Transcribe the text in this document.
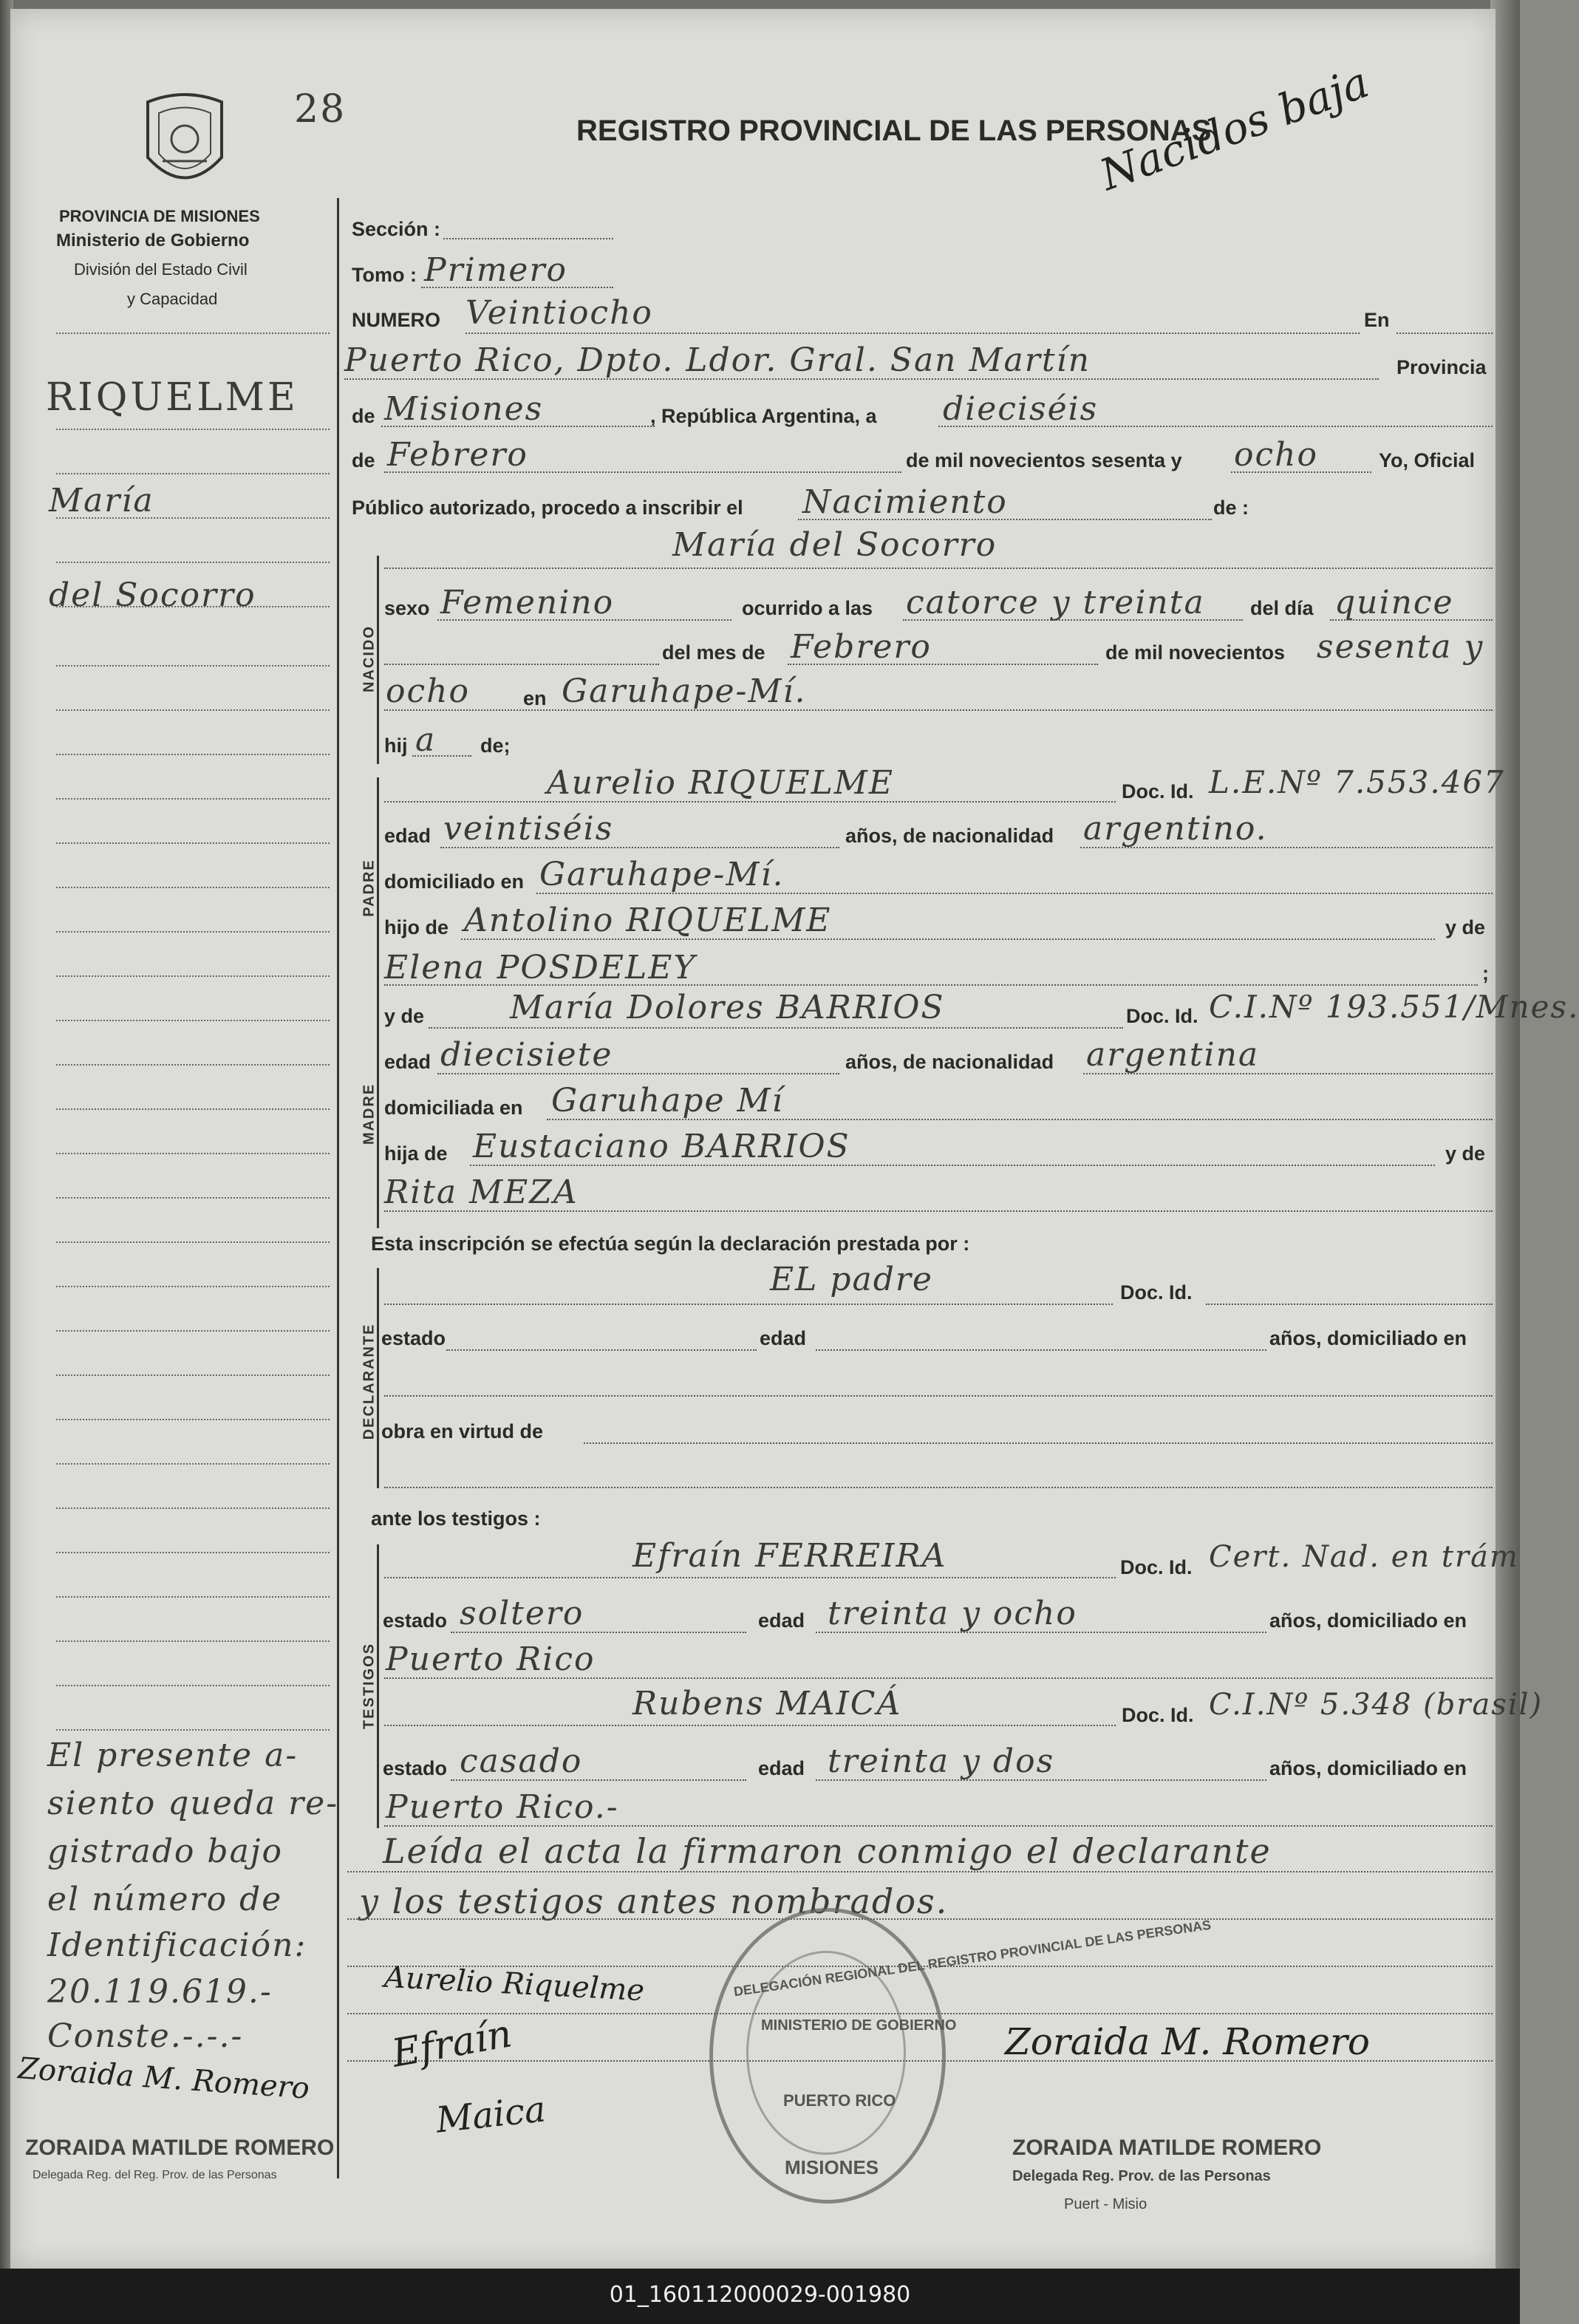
28	REGISTRO PROVINCIAL DE LAS PERSONAS
Nacidos baja
PROVINCIA DE MISIONES
Ministerio de Gobierno
División del Estado Civil
y Capacidad
RIQUELME
María
del Socorro
El presente a-
siento queda re-
gistrado bajo
el número de
Identificación:
20.119.619.-
Conste.-.-.-
Zoraida M. Romero
Sección :
Tomo : Primero
NUMERO Veintiocho	En
Puerto Rico, Dpto. Ldor. Gral. San Martín	Provincia
de Misiones	, República Argentina, a dieciséis
de Febrero	de mil novecientos sesenta y ocho	Yo, Oficial
Público autorizado, procedo a inscribir el Nacimiento	de :
NACIDO
María del Socorro
sexo Femenino	ocurrido a las catorce y treinta del día quince
del mes de Febrero	de mil novecientos sesenta y
ocho	en Garuhape-Mí.
hij a de;
PADRE
Aurelio RIQUELME	Doc. Id. L.E.Nº 7.553.467
edad veintiséis	años, de nacionalidad argentino.
domiciliado en Garuhape-Mí.
hijo de Antolino RIQUELME	y de
Elena POSDELEY	;
MADRE
y de	María Dolores BARRIOS	Doc. Id. C.I.Nº 193.551/Mnes.
edad diecisiete	años, de nacionalidad argentina
domiciliada en Garuhape Mí
hija de Eustaciano BARRIOS	y de
Rita MEZA
Esta inscripción se efectúa según la declaración prestada por :
DECLARANTE
EL padre	Doc. Id.
estado	edad	años, domiciliado en
obra en virtud de
ante los testigos :
TESTIGOS
Efraín FERREIRA	Doc. Id. Cert. Nad. en trám
estado soltero	edad treinta y ocho	años, domiciliado en
Puerto Rico
Rubens MAICÁ	Doc. Id. C.I.Nº 5.348 (brasil)
estado casado	edad treinta y dos	años, domiciliado en
Puerto Rico.-
Leída el acta la firmaron conmigo el declarante
y los testigos antes nombrados.
DELEGACIÓN REGIONAL DEL REGISTRO PROVINCIAL DE LAS PERSONAS
MINISTERIO DE GOBIERNO
PUERTO RICO
MISIONES
Aurelio Riquelme
Efraín
Maica
Zoraida M. Romero
ZORAIDA MATILDE ROMERO
Delegada Reg. del Reg. Prov. de las Personas
ZORAIDA MATILDE ROMERO
Delegada Reg. Prov. de las Personas
Puert - Misio
01_160112000029-001980
